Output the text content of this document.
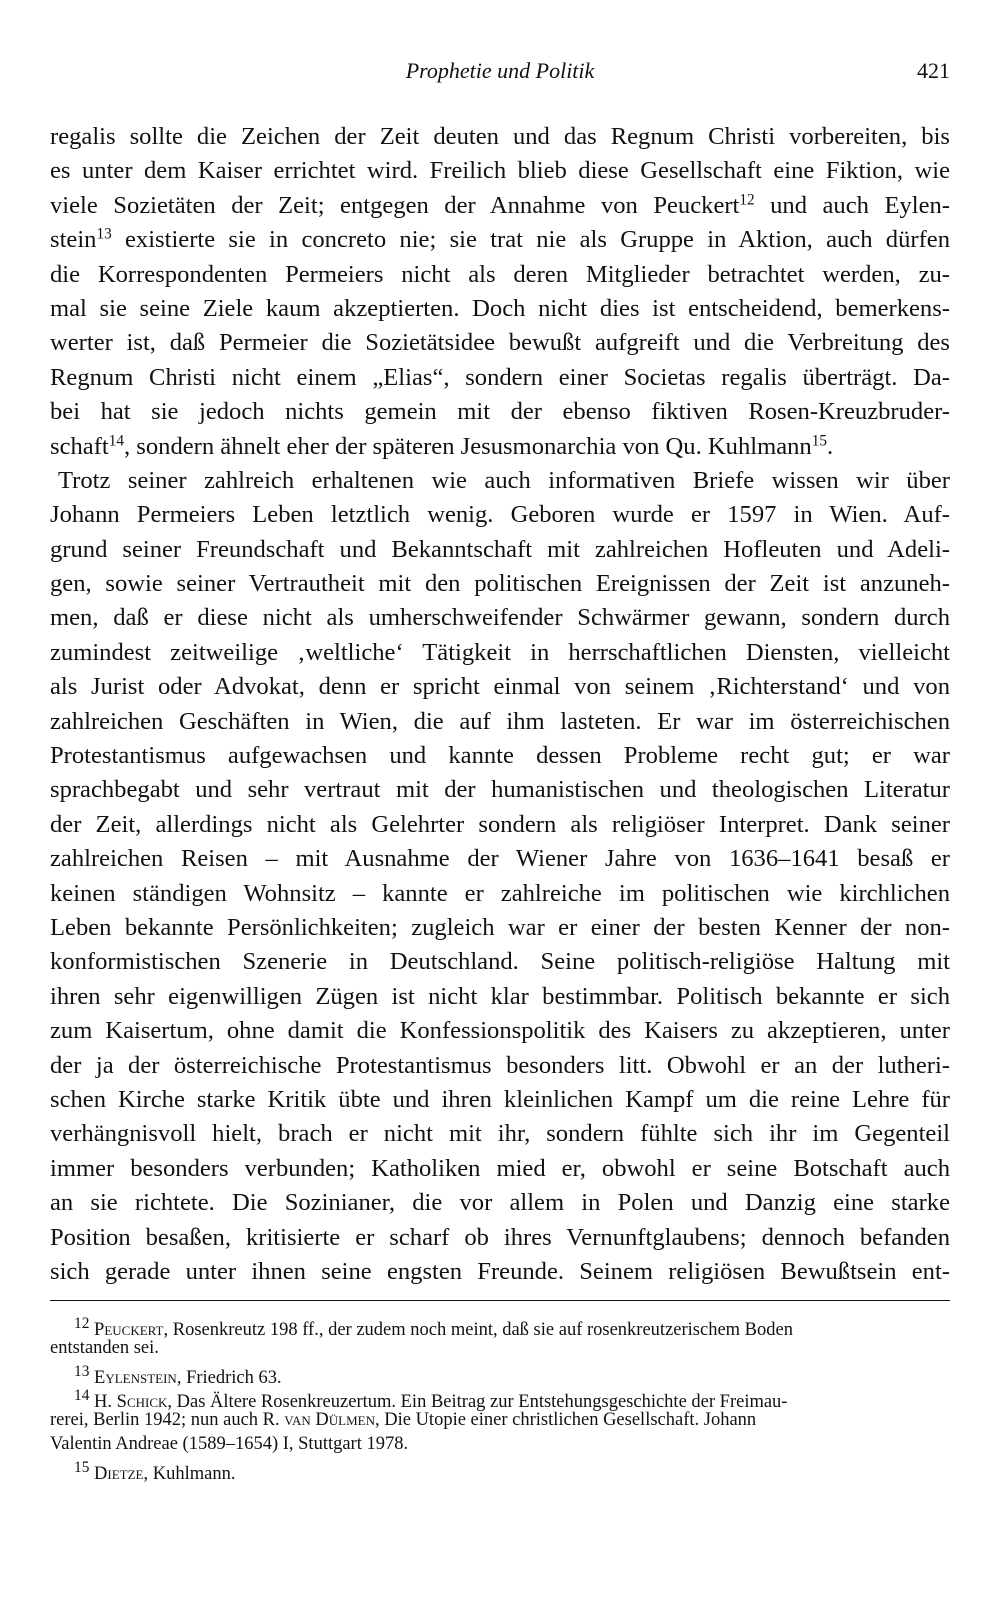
Prophetie und Politik	421
regalis sollte die Zeichen der Zeit deuten und das Regnum Christi vorbereiten, bis
es unter dem Kaiser errichtet wird. Freilich blieb diese Gesellschaft eine Fiktion, wie
viele Sozietäten der Zeit; entgegen der Annahme von Peuckert$^{12}$ und auch Eylen-
stein$^{13}$ existierte sie in concreto nie; sie trat nie als Gruppe in Aktion, auch dürfen
die Korrespondenten Permeiers nicht als deren Mitglieder betrachtet werden, zu-
mal sie seine Ziele kaum akzeptierten. Doch nicht dies ist entscheidend, bemerkens-
werter ist, daß Permeier die Sozietätsidee bewußt aufgreift und die Verbreitung des
Regnum Christi nicht einem „Elias“, sondern einer Societas regalis überträgt. Da-
bei hat sie jedoch nichts gemein mit der ebenso fiktiven Rosen-Kreuzbruder-
schaft$^{14}$, sondern ähnelt eher der späteren Jesusmonarchia von Qu. Kuhlmann$^{15}$.
Trotz seiner zahlreich erhaltenen wie auch informativen Briefe wissen wir über
Johann Permeiers Leben letztlich wenig. Geboren wurde er 1597 in Wien. Auf-
grund seiner Freundschaft und Bekanntschaft mit zahlreichen Hofleuten und Adeli-
gen, sowie seiner Vertrautheit mit den politischen Ereignissen der Zeit ist anzuneh-
men, daß er diese nicht als umherschweifender Schwärmer gewann, sondern durch
zumindest zeitweilige ‚weltliche‘ Tätigkeit in herrschaftlichen Diensten, vielleicht
als Jurist oder Advokat, denn er spricht einmal von seinem ‚Richterstand‘ und von
zahlreichen Geschäften in Wien, die auf ihm lasteten. Er war im österreichischen
Protestantismus aufgewachsen und kannte dessen Probleme recht gut; er war
sprachbegabt und sehr vertraut mit der humanistischen und theologischen Literatur
der Zeit, allerdings nicht als Gelehrter sondern als religiöser Interpret. Dank seiner
zahlreichen Reisen – mit Ausnahme der Wiener Jahre von 1636–1641 besaß er
keinen ständigen Wohnsitz – kannte er zahlreiche im politischen wie kirchlichen
Leben bekannte Persönlichkeiten; zugleich war er einer der besten Kenner der non-
konformistischen Szenerie in Deutschland. Seine politisch-religiöse Haltung mit
ihren sehr eigenwilligen Zügen ist nicht klar bestimmbar. Politisch bekannte er sich
zum Kaisertum, ohne damit die Konfessionspolitik des Kaisers zu akzeptieren, unter
der ja der österreichische Protestantismus besonders litt. Obwohl er an der lutheri-
schen Kirche starke Kritik übte und ihren kleinlichen Kampf um die reine Lehre für
verhängnisvoll hielt, brach er nicht mit ihr, sondern fühlte sich ihr im Gegenteil
immer besonders verbunden; Katholiken mied er, obwohl er seine Botschaft auch
an sie richtete. Die Sozinianer, die vor allem in Polen und Danzig eine starke
Position besaßen, kritisierte er scharf ob ihres Vernunftglaubens; dennoch befanden
sich gerade unter ihnen seine engsten Freunde. Seinem religiösen Bewußtsein ent-
$^{12}$ Peuckert, Rosenkreutz 198 ff., der zudem noch meint, daß sie auf rosenkreutzerischem Boden
entstanden sei.
$^{13}$ Eylenstein, Friedrich 63.
$^{14}$ H. Schick, Das Ältere Rosenkreuzertum. Ein Beitrag zur Entstehungsgeschichte der Freimau-
rerei, Berlin 1942; nun auch R. van Dülmen, Die Utopie einer christlichen Gesellschaft. Johann
Valentin Andreae (1589–1654) I, Stuttgart 1978.
$^{15}$ Dietze, Kuhlmann.
